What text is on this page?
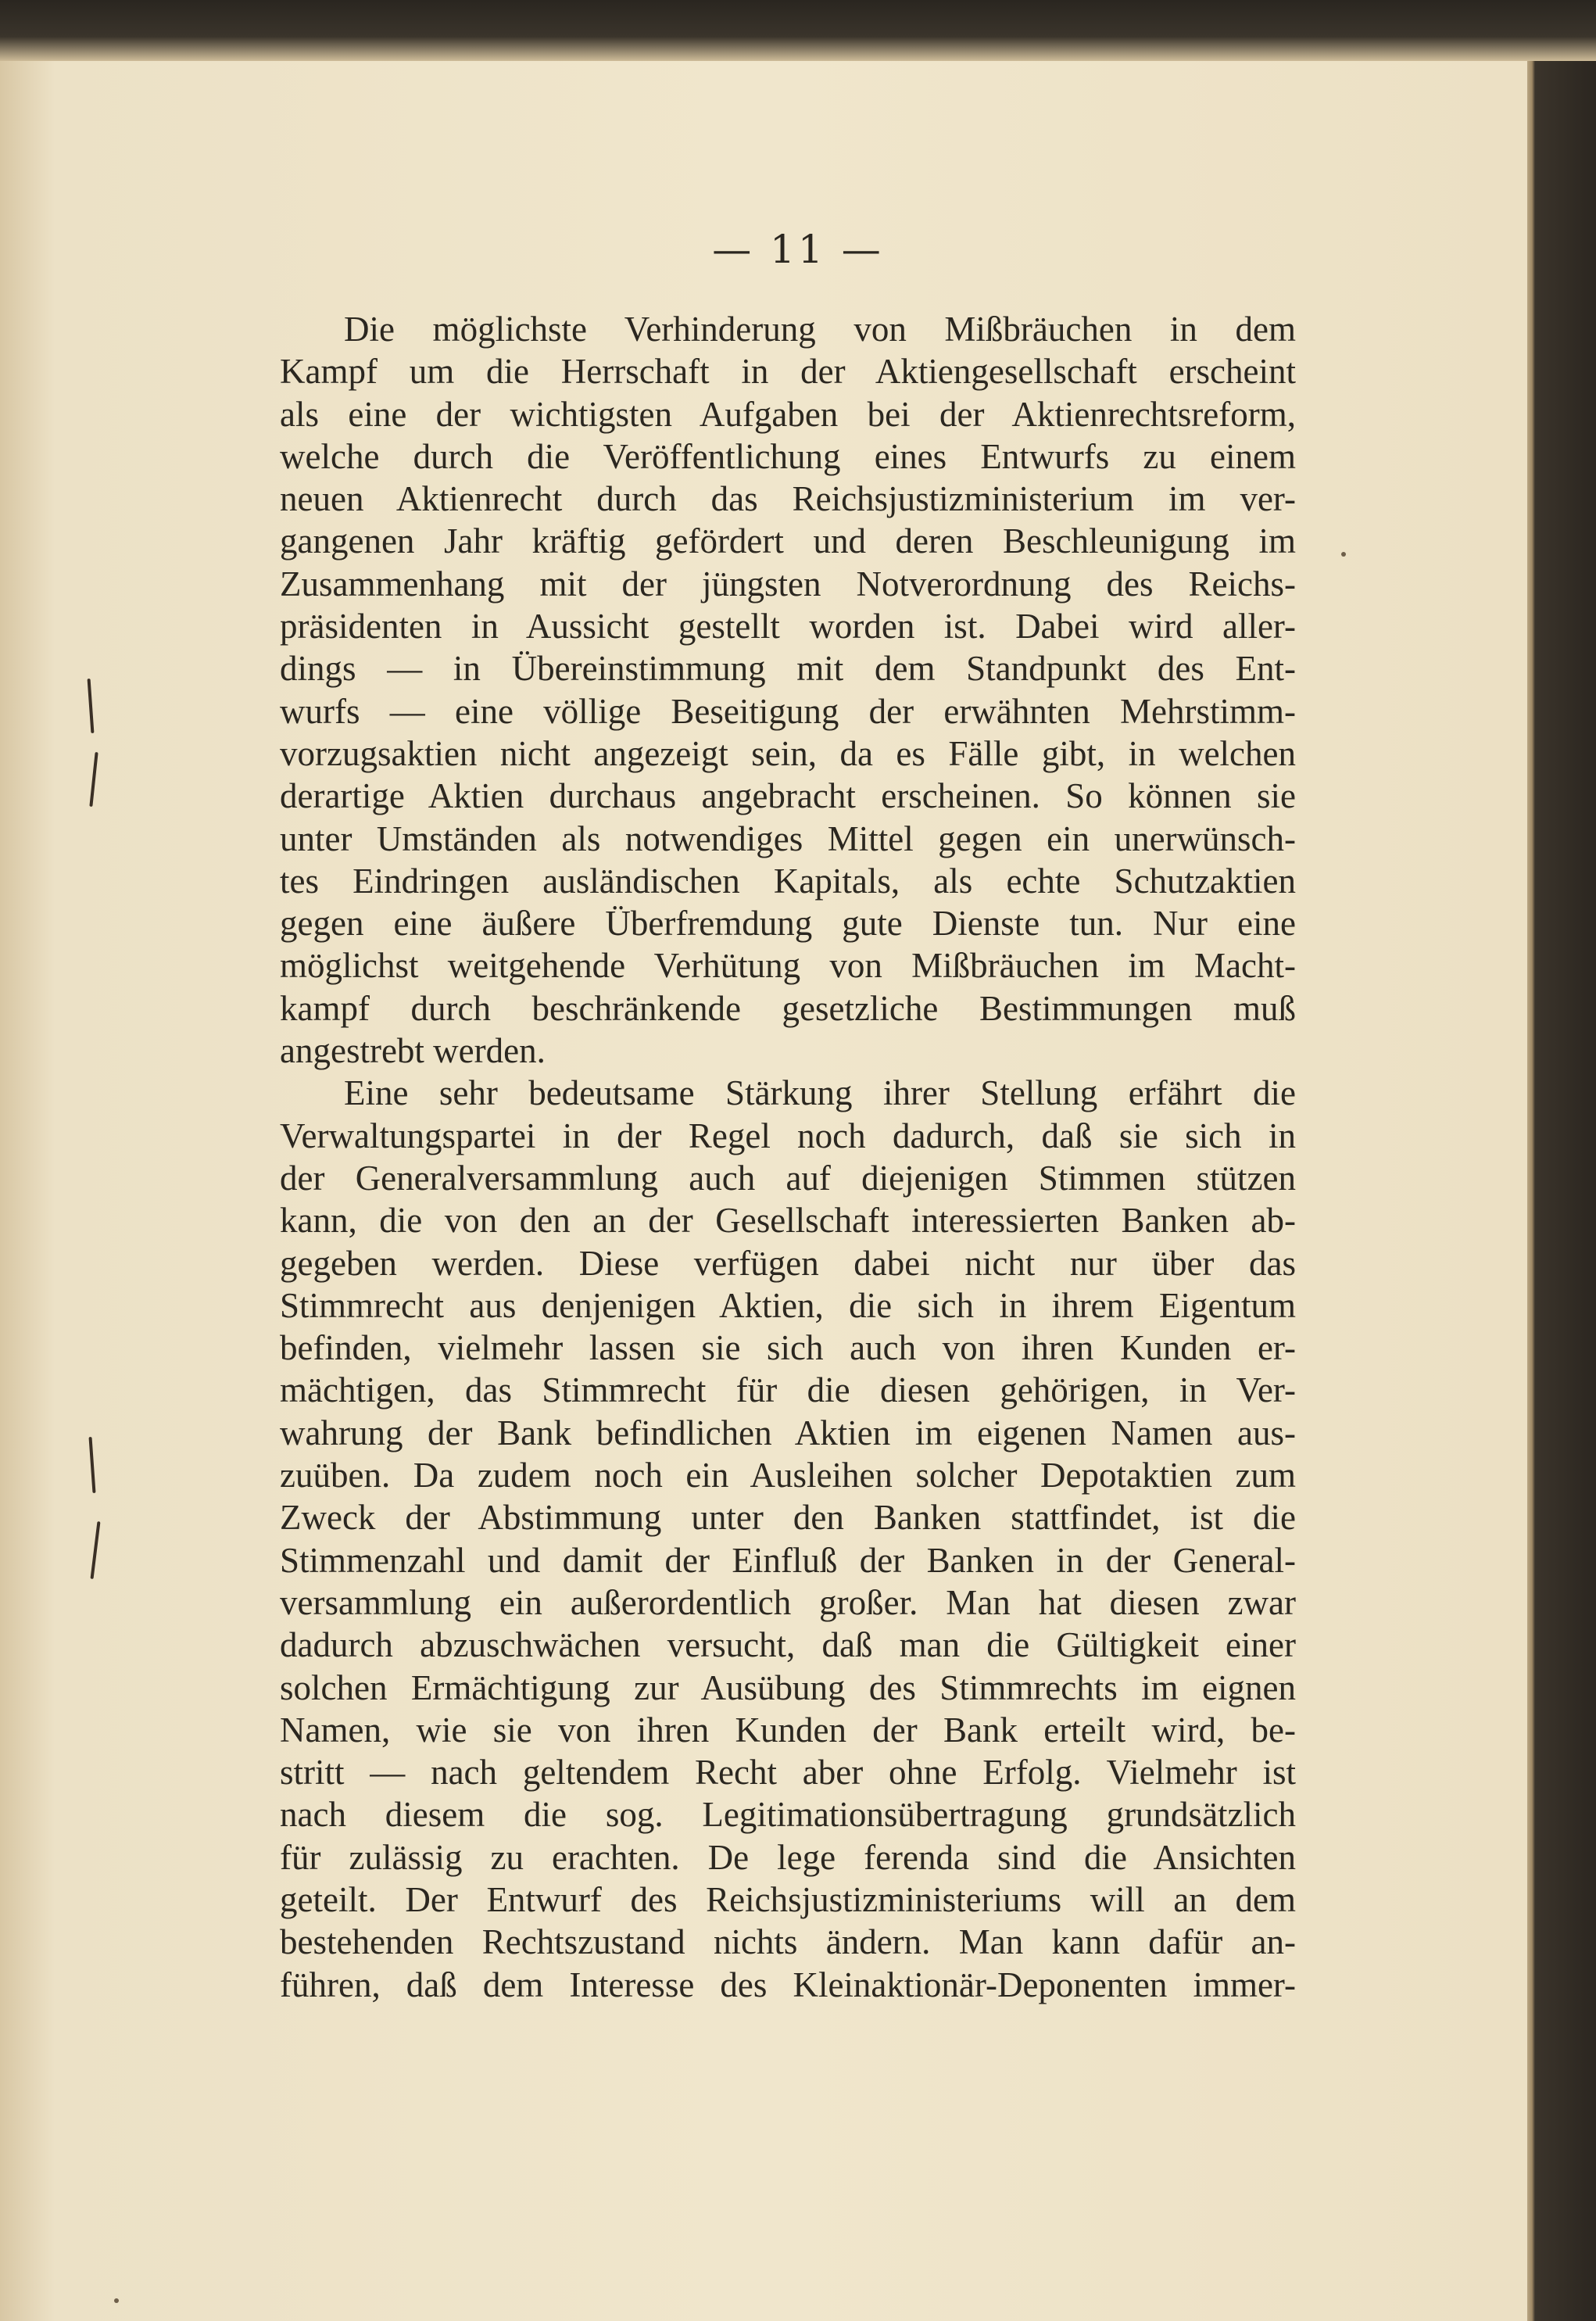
— 11 —
Die möglichste Verhinderung von Mißbräuchen in dem
Kampf um die Herrschaft in der Aktiengesellschaft erscheint
als eine der wichtigsten Aufgaben bei der Aktienrechtsreform,
welche durch die Veröffentlichung eines Entwurfs zu einem
neuen Aktienrecht durch das Reichsjustizministerium im ver-
gangenen Jahr kräftig gefördert und deren Beschleunigung im
Zusammenhang mit der jüngsten Notverordnung des Reichs-
präsidenten in Aussicht gestellt worden ist. Dabei wird aller-
dings — in Übereinstimmung mit dem Standpunkt des Ent-
wurfs — eine völlige Beseitigung der erwähnten Mehrstimm-
vorzugsaktien nicht angezeigt sein, da es Fälle gibt, in welchen
derartige Aktien durchaus angebracht erscheinen. So können sie
unter Umständen als notwendiges Mittel gegen ein unerwünsch-
tes Eindringen ausländischen Kapitals, als echte Schutzaktien
gegen eine äußere Überfremdung gute Dienste tun. Nur eine
möglichst weitgehende Verhütung von Mißbräuchen im Macht-
kampf durch beschränkende gesetzliche Bestimmungen muß
angestrebt werden.
Eine sehr bedeutsame Stärkung ihrer Stellung erfährt die
Verwaltungspartei in der Regel noch dadurch, daß sie sich in
der Generalversammlung auch auf diejenigen Stimmen stützen
kann, die von den an der Gesellschaft interessierten Banken ab-
gegeben werden. Diese verfügen dabei nicht nur über das
Stimmrecht aus denjenigen Aktien, die sich in ihrem Eigentum
befinden, vielmehr lassen sie sich auch von ihren Kunden er-
mächtigen, das Stimmrecht für die diesen gehörigen, in Ver-
wahrung der Bank befindlichen Aktien im eigenen Namen aus-
zuüben. Da zudem noch ein Ausleihen solcher Depotaktien zum
Zweck der Abstimmung unter den Banken stattfindet, ist die
Stimmenzahl und damit der Einfluß der Banken in der General-
versammlung ein außerordentlich großer. Man hat diesen zwar
dadurch abzuschwächen versucht, daß man die Gültigkeit einer
solchen Ermächtigung zur Ausübung des Stimmrechts im eignen
Namen, wie sie von ihren Kunden der Bank erteilt wird, be-
stritt — nach geltendem Recht aber ohne Erfolg. Vielmehr ist
nach diesem die sog. Legitimationsübertragung grundsätzlich
für zulässig zu erachten. De lege ferenda sind die Ansichten
geteilt. Der Entwurf des Reichsjustizministeriums will an dem
bestehenden Rechtszustand nichts ändern. Man kann dafür an-
führen, daß dem Interesse des Kleinaktionär-Deponenten immer-
